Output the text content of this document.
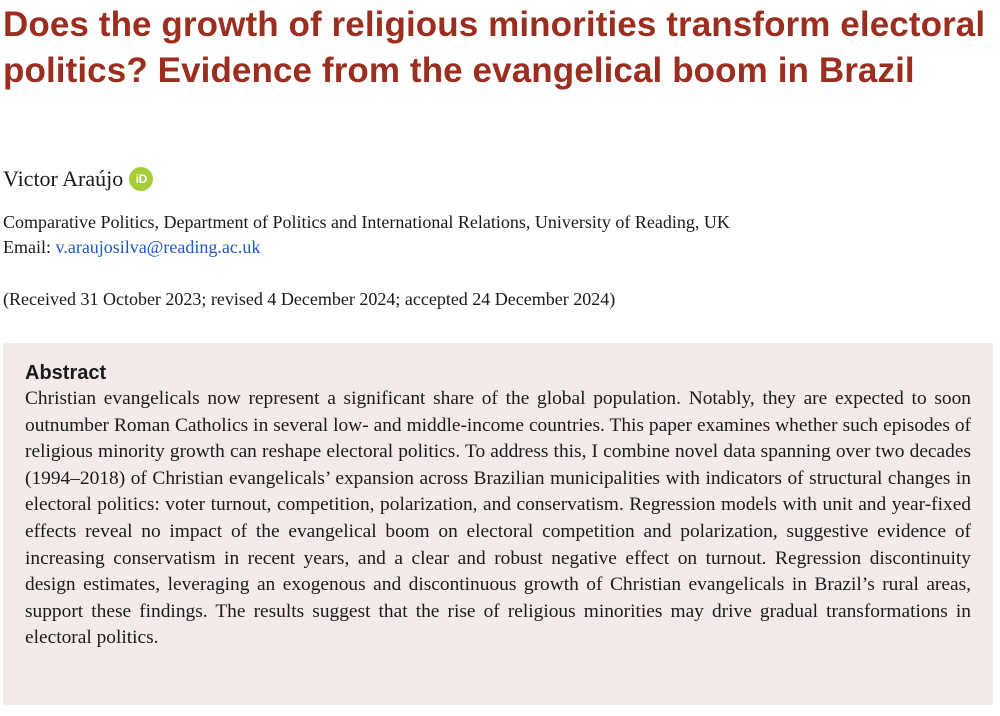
Does the growth of religious minorities transform electoral politics? Evidence from the evangelical boom in Brazil
Victor Araújo	iD
Comparative Politics, Department of Politics and International Relations, University of Reading, UK
Email: v.araujosilva@reading.ac.uk
(Received 31 October 2023; revised 4 December 2024; accepted 24 December 2024)
Abstract

Christian evangelicals now represent a significant share of the global population. Notably, they are expected to soon outnumber Roman Catholics in several low- and middle-income countries. This paper examines whether such episodes of religious minority growth can reshape electoral politics. To address this, I combine novel data spanning over two decades (1994–2018) of Christian evangelicals’ expansion across Brazilian municipalities with indicators of structural changes in electoral politics: voter turnout, competition, polarization, and conservatism. Regression models with unit and year-fixed effects reveal no impact of the evangelical boom on electoral competition and polarization, suggestive evidence of increasing conservatism in recent years, and a clear and robust negative effect on turnout. Regression discontinuity design estimates, leveraging an exogenous and discontinuous growth of Christian evangelicals in Brazil’s rural areas, support these findings. The results suggest that the rise of religious minorities may drive gradual transformations in electoral politics.
